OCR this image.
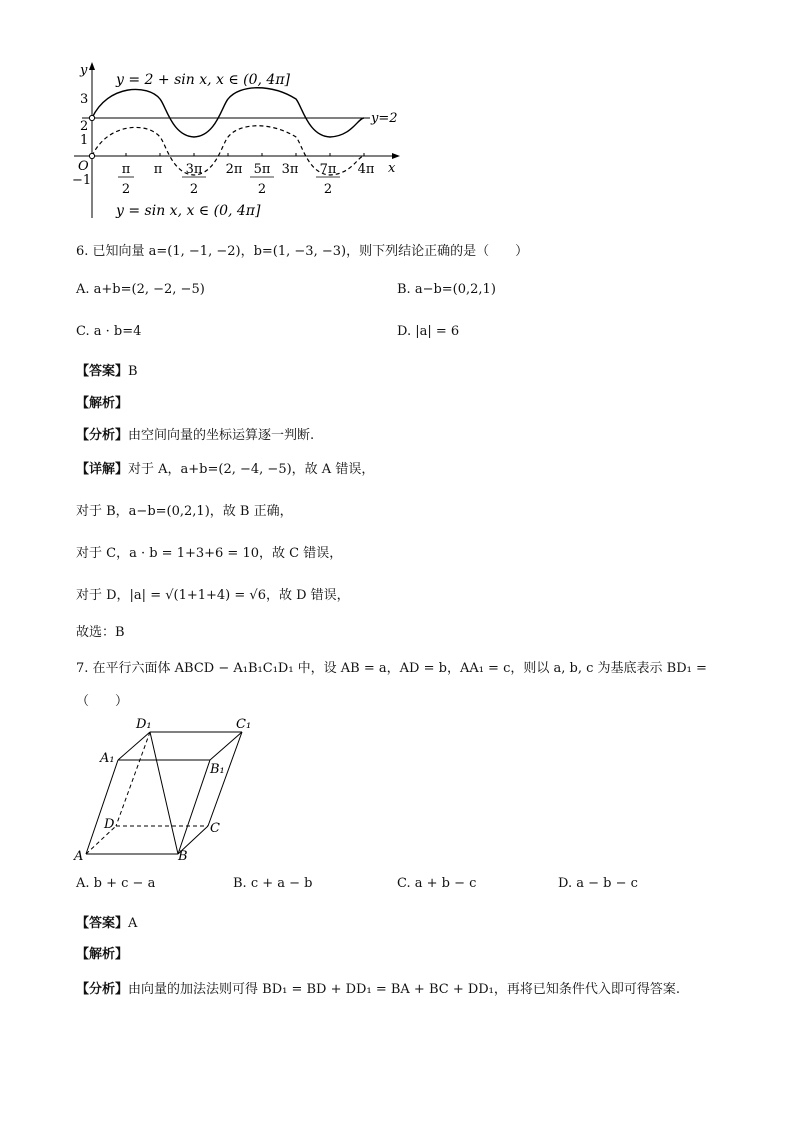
y
x
O
3
2
1
−1
y = 2 + sin x, x ∈ (0, 4π]
y=2
y = sin x, x ∈ (0, 4π]
π
2
π 3π
2
2π 5π
2
3π 7π
2
4π
6. 已知向量 a=(1, −1, −2)，b=(1, −3, −3)，则下列结论正确的是（　　）
A. a+b=(2, −2, −5)	B. a−b=(0,2,1)
C. a · b=4	D. |a| = 6
【答案】B
【解析】
【分析】由空间向量的坐标运算逐一判断.
【详解】对于 A，a+b=(2, −4, −5)，故 A 错误，
对于 B，a−b=(0,2,1)，故 B 正确，
对于 C，a · b = 1+3+6 = 10，故 C 错误，
对于 D，|a| = √(1+1+4) = √6，故 D 错误，
故选：B
7. 在平行六面体 ABCD − A₁B₁C₁D₁ 中，设 AB = a，AD = b，AA₁ = c，则以 a, b, c 为基底表示 BD₁ =
（　　）
D₁	C₁
A₁
B₁
D	C
A	B
A. b + c − a	B. c + a − b	C. a + b − c	D. a − b − c
【答案】A
【解析】
【分析】由向量的加法法则可得 BD₁ = BD + DD₁ = BA + BC + DD₁，再将已知条件代入即可得答案.
